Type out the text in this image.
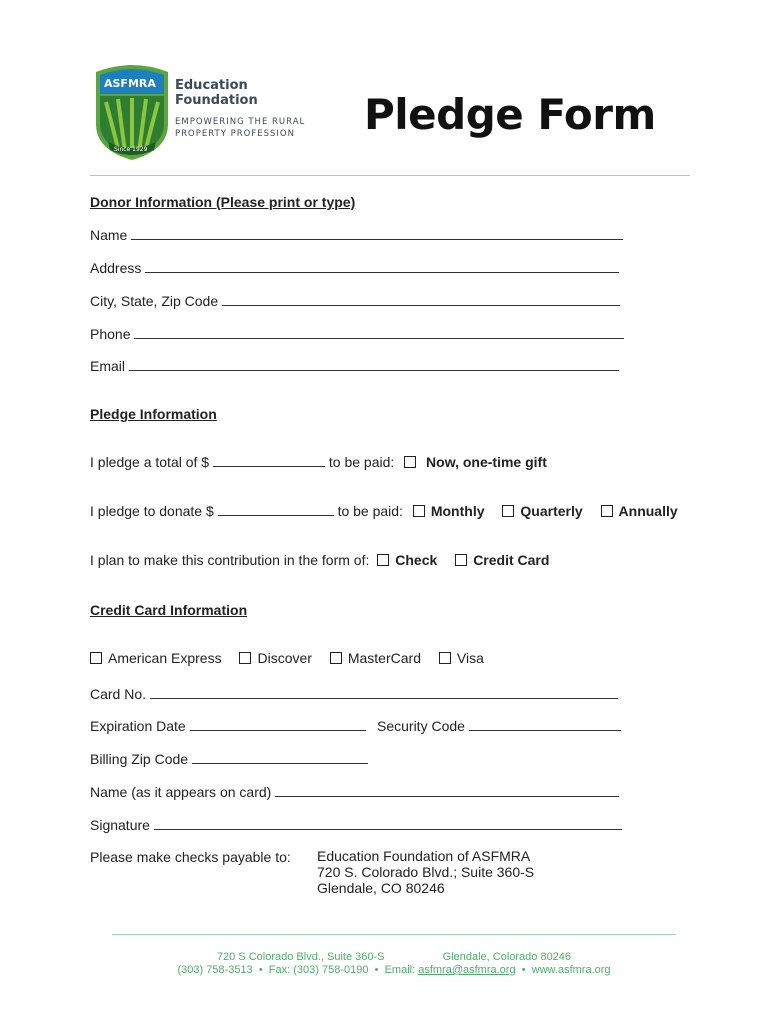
ASFMRA
Since 1929
Education
Foundation
EMPOWERING THE RURAL
PROPERTY PROFESSION Pledge Form
Donor Information (Please print or type)
Name
Address
City, State, Zip Code
Phone
Email
Pledge Information
I pledge a total of $	to be paid: Now, one-time gift
I pledge to donate $	to be paid: Monthly	Quarterly	Annually
I plan to make this contribution in the form of: Check	Credit Card
Credit Card Information
American Express	Discover	MasterCard	Visa
Card No.
Expiration Date	Security Code
Billing Zip Code
Name (as it appears on card)
Signature
Please make checks payable to: Education Foundation of ASFMRA
720 S. Colorado Blvd.; Suite 360-S
Glendale, CO 80246
720 S Colorado Blvd., Suite 360-S	Glendale, Colorado 80246
(303) 758-3513 • Fax: (303) 758-0190 • Email: asfmra@asfmra.org • www.asfmra.org
